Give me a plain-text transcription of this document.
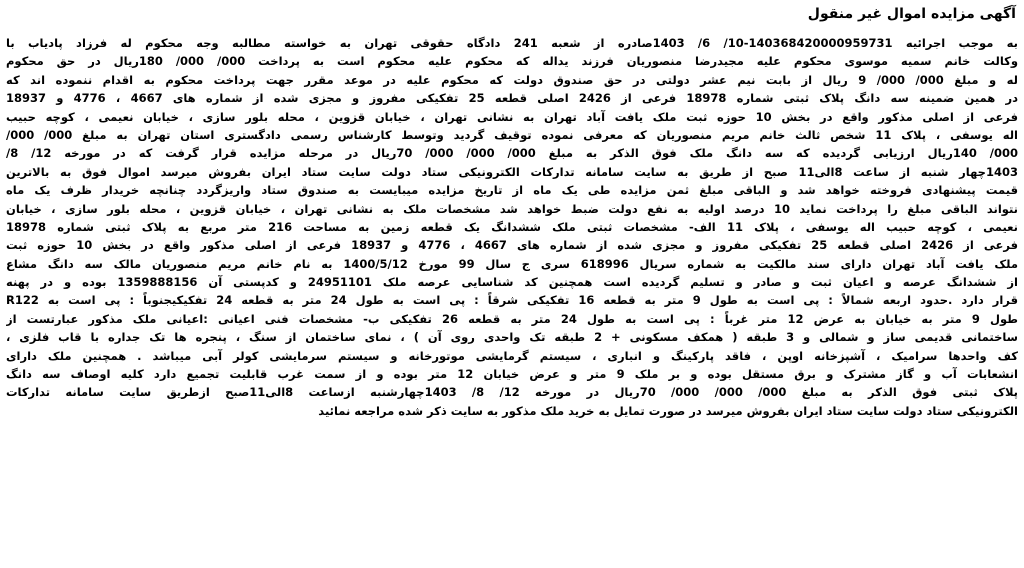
آگهی مزایده اموال غیر منقول
به موجب اجرائیه 140368420000959731-10/ 6/ 1403صادره از شعبه 241 دادگاه حقوقی تهران به خواسته مطالبه وجه محکوم له فرزاد پادیاب با
وکالت خانم سمیه موسوی محکوم علیه مجیدرضا منصوریان فرزند یداله که محکوم علیه محکوم است به پرداخت 000/ 000/ 180ریال در حق محکوم
له و مبلغ 000/ 000/ 9 ریال از بابت نیم عشر دولتی در حق صندوق دولت که محکوم علیه در موعد مقرر جهت پرداخت محکوم به اقدام ننموده اند که
در همین ضمینه سه دانگ پلاک ثبتی شماره 18978 فرعی از 2426 اصلی قطعه 25 تفکیکی مفروز و مجزی شده از شماره های 4667 ، 4776 و 18937
فرعی از اصلی مذکور واقع در بخش 10 حوزه ثبت ملک یافت آباد تهران به نشانی تهران ، خیابان قزوین ، محله بلور سازی ، خیابان نعیمی ، کوچه حبیب
اله یوسفی ، پلاک 11 شخص ثالث خانم مریم منصوریان که معرفی نموده توقیف گردید وتوسط کارشناس رسمی دادگستری استان تهران به مبلغ 000/ 000/
000/ 140ریال ارزیابی گردیده که سه دانگ ملک فوق الذکر به مبلغ 000/ 000/ 000/ 70ریال در مرحله مزایده قرار گرفت که در مورخه 12/ 8/
1403چهار شنبه از ساعت 8الی11 صبح از طریق به سایت سامانه تدارکات الکترونیکی ستاد دولت سایت ستاد ایران بفروش میرسد اموال فوق به بالاترین
قیمت پیشنهادی فروخته خواهد شد و الباقی مبلغ ثمن مزایده طی یک ماه از تاریخ مزایده میبایست به صندوق ستاد واریزگردد چنانچه خریدار ظرف یک ماه
نتواند الباقی مبلغ را پرداخت نماید 10 درصد اولیه به نفع دولت ضبط خواهد شد مشخصات ملک به نشانی تهران ، خیابان قزوین ، محله بلور سازی ، خیابان
نعیمی ، کوچه حبیب اله یوسفی ، پلاک 11 الف- مشخصات ثبتی ملک ششدانگ یک قطعه زمین به مساحت 216 متر مربع به پلاک ثبتی شماره 18978
فرعی از 2426 اصلی قطعه 25 تفکیکی مفروز و مجزی شده از شماره های 4667 ، 4776 و 18937 فرعی از اصلی مذکور واقع در بخش 10 حوزه ثبت
ملک یافت آباد تهران دارای سند مالکیت به شماره سریال 618996 سری ج سال 99 مورخ 1400/5/12 به نام خانم مریم منصوریان مالک سه دانگ مشاع
از ششدانگ عرصه و اعیان ثبت و صادر و تسلیم گردیده است همچنین کد شناسایی عرصه ملک 24951101 و کدپستی آن 1359888156 بوده و در پهنه
قرار دارد .حدود اربعه شمالاً : پی است به طول 9 متر به قطعه 16 تفکیکی شرقاً : پی است به طول 24 متر به قطعه 24 تفکیکیجنوباً : پی است به R122
طول 9 متر به خیابان به عرض 12 متر غرباً : پی است به طول 24 متر به قطعه 26 تفکیکی ب- مشخصات فنی اعیانی :اعیانی ملک مذکور عبارتست از
ساختمانی قدیمی ساز و شمالی و 3 طبقه ( همکف مسکونی + 2 طبقه تک واحدی روی آن ) ، نمای ساختمان از سنگ ، پنجره ها تک جداره با قاب فلزی ،
کف واحدها سرامیک ، آشپزخانه اوپن ، فاقد پارکینگ و انباری ، سیستم گرمایشی موتورخانه و سیستم سرمایشی کولر آبی میباشد . همچنین ملک دارای
انشعابات آب و گاز مشترک و برق مستقل بوده و بر ملک 9 متر و عرض خیابان 12 متر بوده و از سمت غرب قابلیت تجمیع دارد کلیه اوصاف سه دانگ
پلاک ثبتی فوق الذکر به مبلغ 000/ 000/ 000/ 70ریال در مورخه 12/ 8/ 1403چهارشنبه ازساعت 8الی11صبح ازطریق سایت سامانه تدارکات
الکترونیکی ستاد دولت سایت ستاد ایران بفروش میرسد در صورت تمایل به خرید ملک مذکور به سایت ذکر شده مراجعه نمائید
